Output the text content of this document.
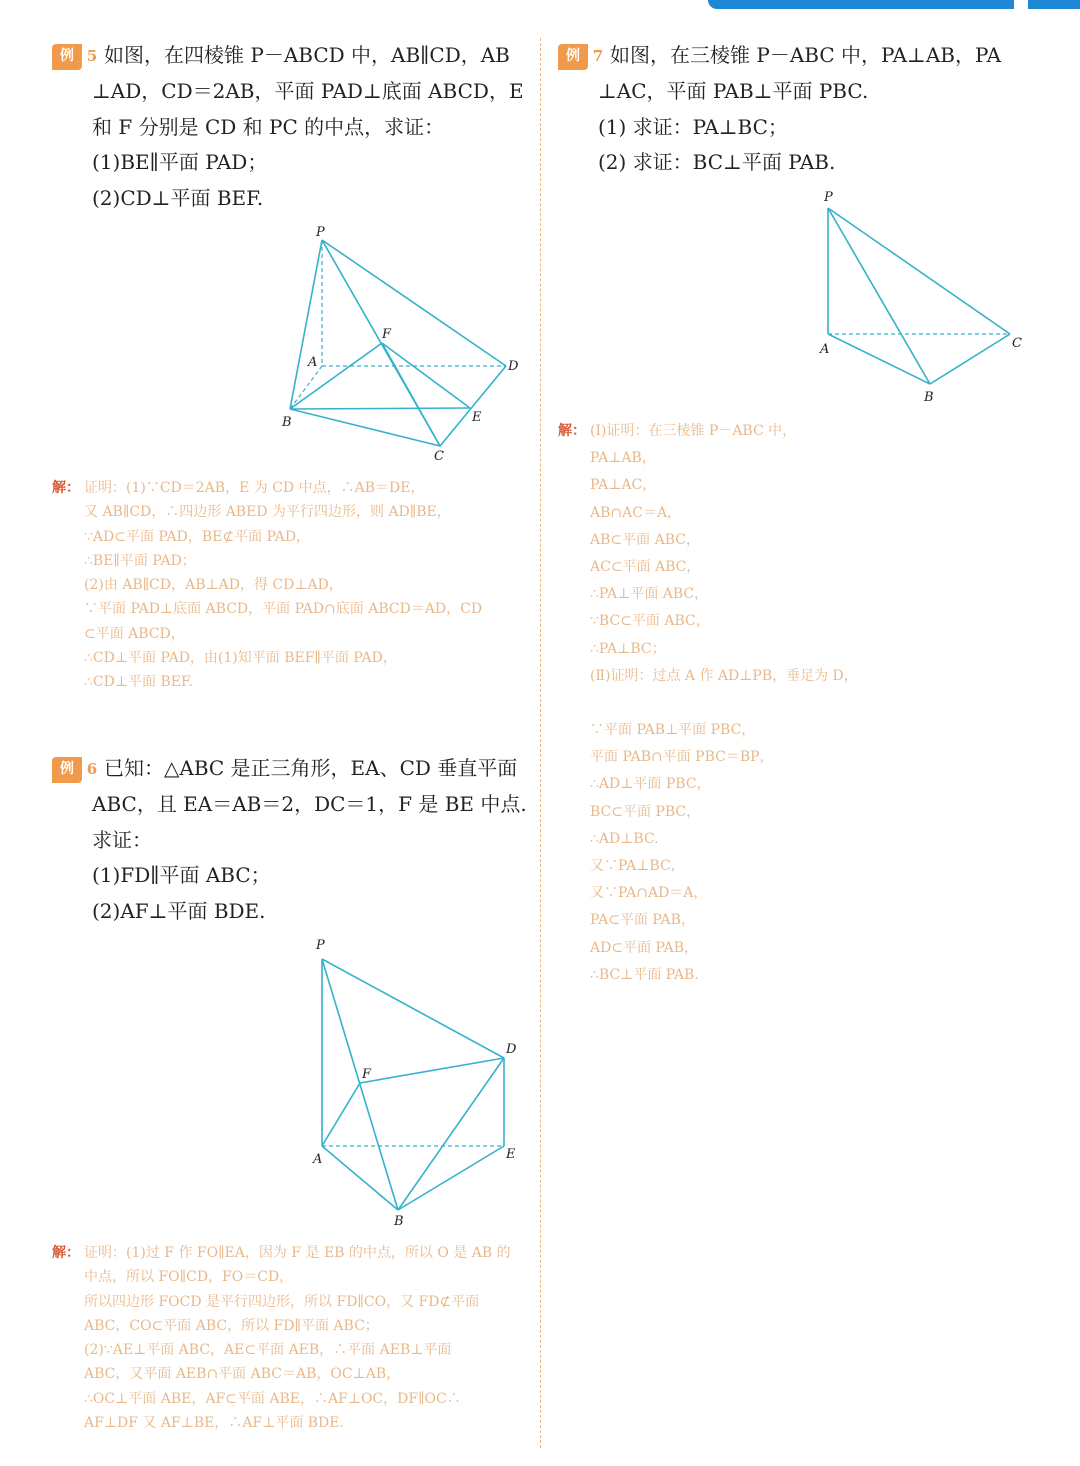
例 5 如图，在四棱锥 P－ABCD 中，AB∥CD，AB
⊥AD，CD＝2AB，平面 PAD⊥底面 ABCD，E
和 F 分别是 CD 和 PC 的中点，求证：
(1)BE∥平面 PAD；
(2)CD⊥平面 BEF.
P
A
F
D
B	E
C
解： 证明：(1)∵CD＝2AB，E 为 CD 中点，∴AB＝DE，
又 AB∥CD，∴四边形 ABED 为平行四边形，则 AD∥BE，
∵AD⊂平面 PAD，BE⊄平面 PAD，
∴BE∥平面 PAD；
(2)由 AB∥CD，AB⊥AD，得 CD⊥AD，
∵平面 PAD⊥底面 ABCD，平面 PAD∩底面 ABCD＝AD，CD
⊂平面 ABCD，
∴CD⊥平面 PAD，由(1)知平面 BEF∥平面 PAD，
∴CD⊥平面 BEF.
例 6 已知：△ABC 是正三角形，EA、CD 垂直平面
ABC，且 EA＝AB＝2，DC＝1，F 是 BE 中点.
求证：
(1)FD∥平面 ABC；
(2)AF⊥平面 BDE.
P
D
F
A	E
B
解： 证明：(1)过 F 作 FO∥EA，因为 F 是 EB 的中点，所以 O 是 AB 的
中点，所以 FO∥CD，FO＝CD，
所以四边形 FOCD 是平行四边形，所以 FD∥CO，又 FD⊄平面
ABC，CO⊂平面 ABC，所以 FD∥平面 ABC；
(2)∵AE⊥平面 ABC，AE⊂平面 AEB，∴平面 AEB⊥平面
ABC，又平面 AEB∩平面 ABC＝AB，OC⊥AB，
∴OC⊥平面 ABE，AF⊂平面 ABE，∴AF⊥OC，DF∥OC∴
AF⊥DF 又 AF⊥BE，∴AF⊥平面 BDE.
例 7 如图，在三棱锥 P－ABC 中，PA⊥AB，PA
⊥AC，平面 PAB⊥平面 PBC.
(1) 求证：PA⊥BC；
(2) 求证：BC⊥平面 PAB.
P
A	C
B
解： (Ⅰ)证明：在三棱锥 P－ABC 中，
PA⊥AB，
PA⊥AC，
AB∩AC＝A，
AB⊂平面 ABC，
AC⊂平面 ABC，
∴PA⊥平面 ABC，
∵BC⊂平面 ABC，
∴PA⊥BC；
(Ⅱ)证明：过点 A 作 AD⊥PB，垂足为 D，
∵平面 PAB⊥平面 PBC，
平面 PAB∩平面 PBC＝BP，
∴AD⊥平面 PBC，
BC⊂平面 PBC，
∴AD⊥BC.
又∵PA⊥BC，
又∵PA∩AD＝A，
PA⊂平面 PAB，
AD⊂平面 PAB，
∴BC⊥平面 PAB.
